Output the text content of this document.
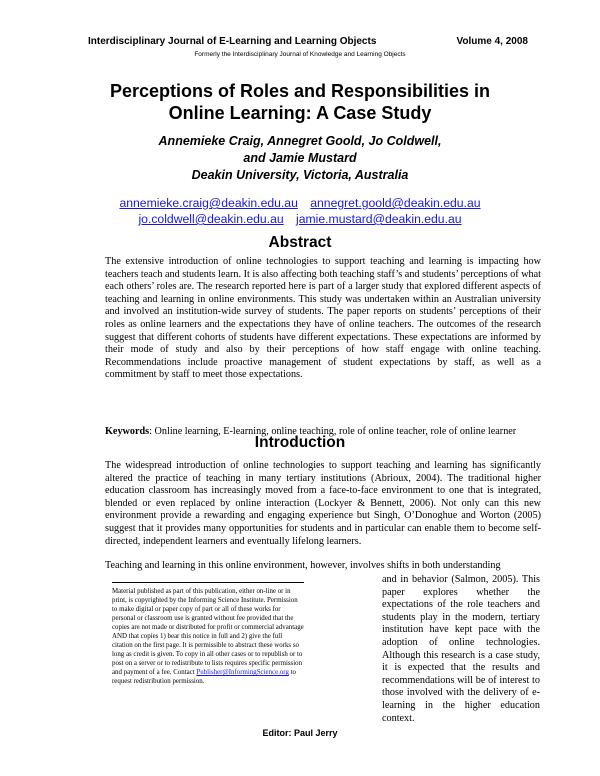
Interdisciplinary Journal of E-Learning and Learning Objects	Volume 4, 2008
Formerly the Interdisciplinary Journal of Knowledge and Learning Objects
Perceptions of Roles and Responsibilities in
Online Learning: A Case Study
Annemieke Craig, Annegret Goold, Jo Coldwell,
and Jamie Mustard
Deakin University, Victoria, Australia
annemieke.craig@deakin.edu.au annegret.goold@deakin.edu.au
jo.coldwell@deakin.edu.au jamie.mustard@deakin.edu.au
Abstract
The extensive introduction of online technologies to support teaching and learning is impacting how teachers teach and students learn. It is also affecting both teaching staff’s and students’ perceptions of what each others’ roles are. The research reported here is part of a larger study that explored different aspects of teaching and learning in online environments. This study was undertaken within an Australian university and involved an institution-wide survey of students. The paper reports on students’ perceptions of their roles as online learners and the expectations they have of online teachers. The outcomes of the research suggest that different cohorts of students have different expectations. These expectations are informed by their mode of study and also by their perceptions of how staff engage with online teaching. Recommendations include proactive management of student expectations by staff, as well as a commitment by staff to meet those expectations.
Keywords: Online learning, E-learning, online teaching, role of online teacher, role of online learner
Introduction
The widespread introduction of online technologies to support teaching and learning has significantly altered the practice of teaching in many tertiary institutions (Abrioux, 2004). The traditional higher education classroom has increasingly moved from a face-to-face environment to one that is integrated, blended or even replaced by online interaction (Lockyer & Bennett, 2006). Not only can this new environment provide a rewarding and engaging experience but Singh, O’Donoghue and Worton (2005) suggest that it provides many opportunities for students and in particular can enable them to become self-directed, independent learners and eventually lifelong learners.
Teaching and learning in this online environment, however, involves shifts in both understanding
Material published as part of this publication, either on-line or in print, is copyrighted by the Informing Science Institute. Permission to make digital or paper copy of part or all of these works for personal or classroom use is granted without fee provided that the copies are not made or distributed for profit or commercial advantage AND that copies 1) bear this notice in full and 2) give the full citation on the first page. It is permissible to abstract these works so long as credit is given. To copy in all other cases or to republish or to post on a server or to redistribute to lists requires specific permission and payment of a fee. Contact Publisher@InformingScience.org to request redistribution permission.
and in behavior (Salmon, 2005). This paper explores whether the expectations of the role teachers and students play in the modern, tertiary institution have kept pace with the adoption of online technologies. Although this research is a case study, it is expected that the results and recommendations will be of interest to those involved with the delivery of e-learning in the higher education context.
Editor: Paul Jerry
